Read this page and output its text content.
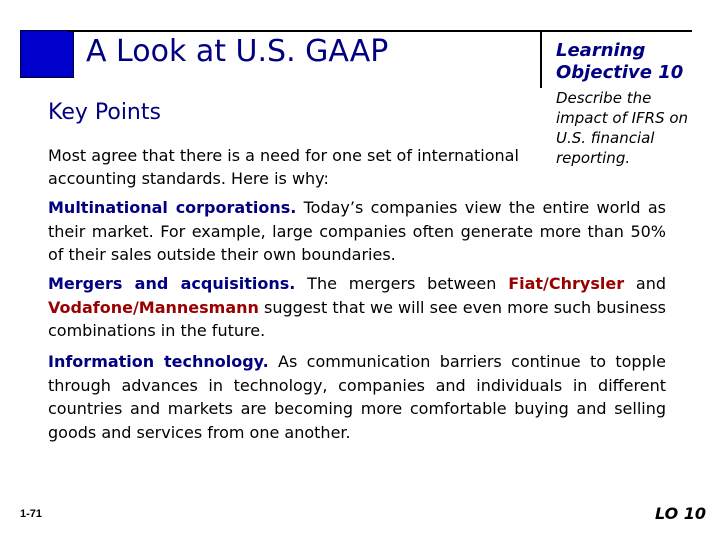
A Look at U.S. GAAP	Learning
Objective 10
Describe the
impact of IFRS on
U.S. financial
reporting.
Key Points
Most agree that there is a need for one set of international accounting standards. Here is why:
Multinational corporations. Today’s companies view the entire world as their market. For example, large companies often generate more than 50% of their sales outside their own boundaries.
Mergers and acquisitions. The mergers between Fiat/Chrysler and Vodafone/Mannesmann suggest that we will see even more such business combinations in the future.
Information technology. As communication barriers continue to topple through advances in technology, companies and individuals in different countries and markets are becoming more comfortable buying and selling goods and services from one another.
1-71	LO 10
